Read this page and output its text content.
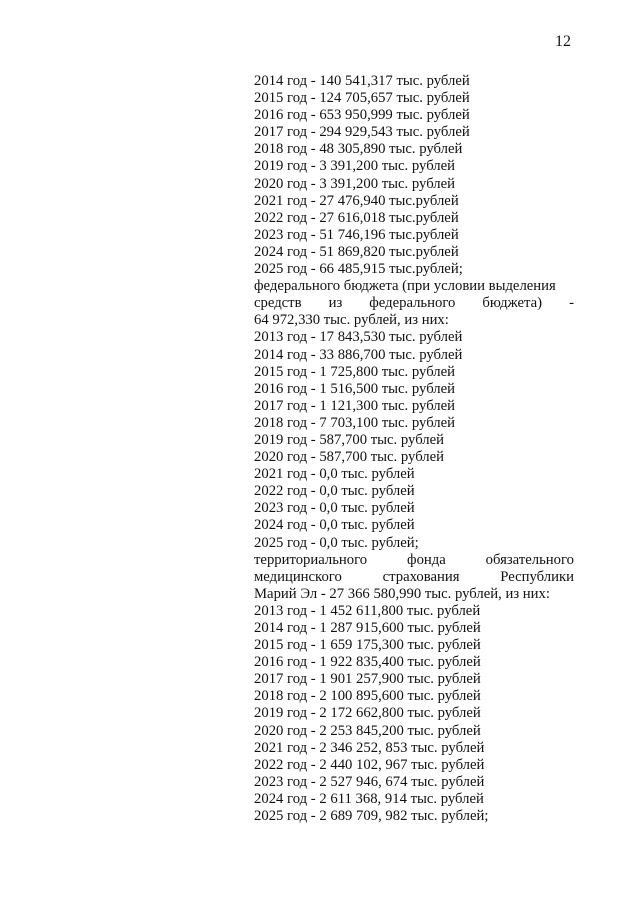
12
2014 год - 140 541,317 тыс. рублей
2015 год - 124 705,657 тыс. рублей
2016 год - 653 950,999 тыс. рублей
2017 год - 294 929,543 тыс. рублей
2018 год - 48 305,890 тыс. рублей
2019 год - 3 391,200 тыс. рублей
2020 год - 3 391,200 тыс. рублей
2021 год - 27 476,940 тыс.рублей
2022 год - 27 616,018 тыс.рублей
2023 год - 51 746,196 тыс.рублей
2024 год - 51 869,820 тыс.рублей
2025 год - 66 485,915 тыс.рублей;
федерального бюджета (при условии выделения
средств из федерального бюджета) -
64 972,330 тыс. рублей, из них:
2013 год - 17 843,530 тыс. рублей
2014 год - 33 886,700 тыс. рублей
2015 год - 1 725,800 тыс. рублей
2016 год - 1 516,500 тыс. рублей
2017 год - 1 121,300 тыс. рублей
2018 год - 7 703,100 тыс. рублей
2019 год - 587,700 тыс. рублей
2020 год - 587,700 тыс. рублей
2021 год - 0,0 тыс. рублей
2022 год - 0,0 тыс. рублей
2023 год - 0,0 тыс. рублей
2024 год - 0,0 тыс. рублей
2025 год - 0,0 тыс. рублей;
территориального	фонда	обязательного
медицинского	страхования	Республики
Марий Эл - 27 366 580,990 тыс. рублей, из них:
2013 год - 1 452 611,800 тыс. рублей
2014 год - 1 287 915,600 тыс. рублей
2015 год - 1 659 175,300 тыс. рублей
2016 год - 1 922 835,400 тыс. рублей
2017 год - 1 901 257,900 тыс. рублей
2018 год - 2 100 895,600 тыс. рублей
2019 год - 2 172 662,800 тыс. рублей
2020 год - 2 253 845,200 тыс. рублей
2021 год - 2 346 252, 853 тыс. рублей
2022 год - 2 440 102, 967 тыс. рублей
2023 год - 2 527 946, 674 тыс. рублей
2024 год - 2 611 368, 914 тыс. рублей
2025 год - 2 689 709, 982 тыс. рублей;
